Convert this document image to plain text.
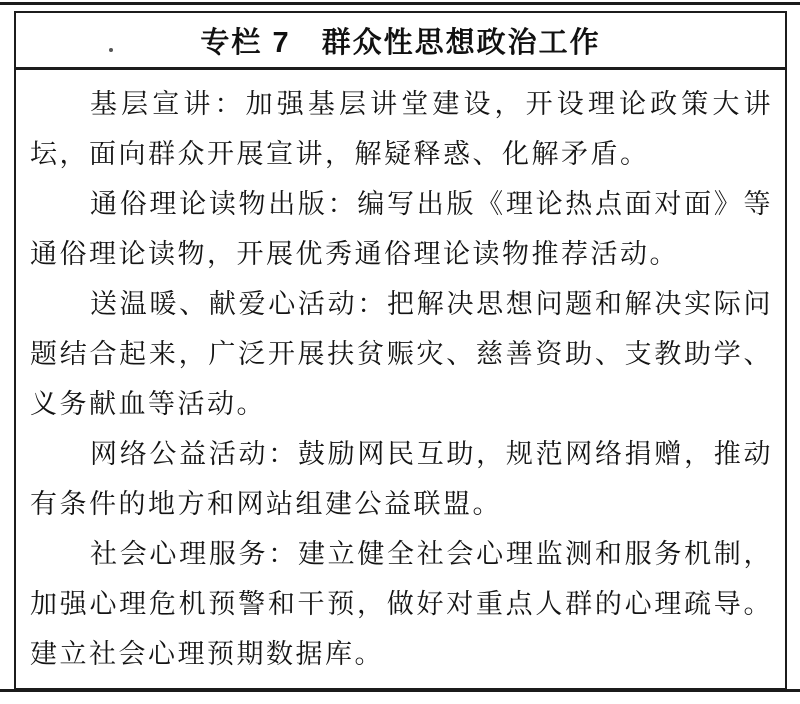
专栏 7　群众性思想政治工作

基层宣讲：加强基层讲堂建设，开设理论政策大讲坛，面向群众开展宣讲，解疑释惑、化解矛盾。

通俗理论读物出版：编写出版《理论热点面对面》等通俗理论读物，开展优秀通俗理论读物推荐活动。

送温暖、献爱心活动：把解决思想问题和解决实际问题结合起来，广泛开展扶贫赈灾、慈善资助、支教助学、义务献血等活动。

网络公益活动：鼓励网民互助，规范网络捐赠，推动有条件的地方和网站组建公益联盟。

社会心理服务：建立健全社会心理监测和服务机制，加强心理危机预警和干预，做好对重点人群的心理疏导。建立社会心理预期数据库。
